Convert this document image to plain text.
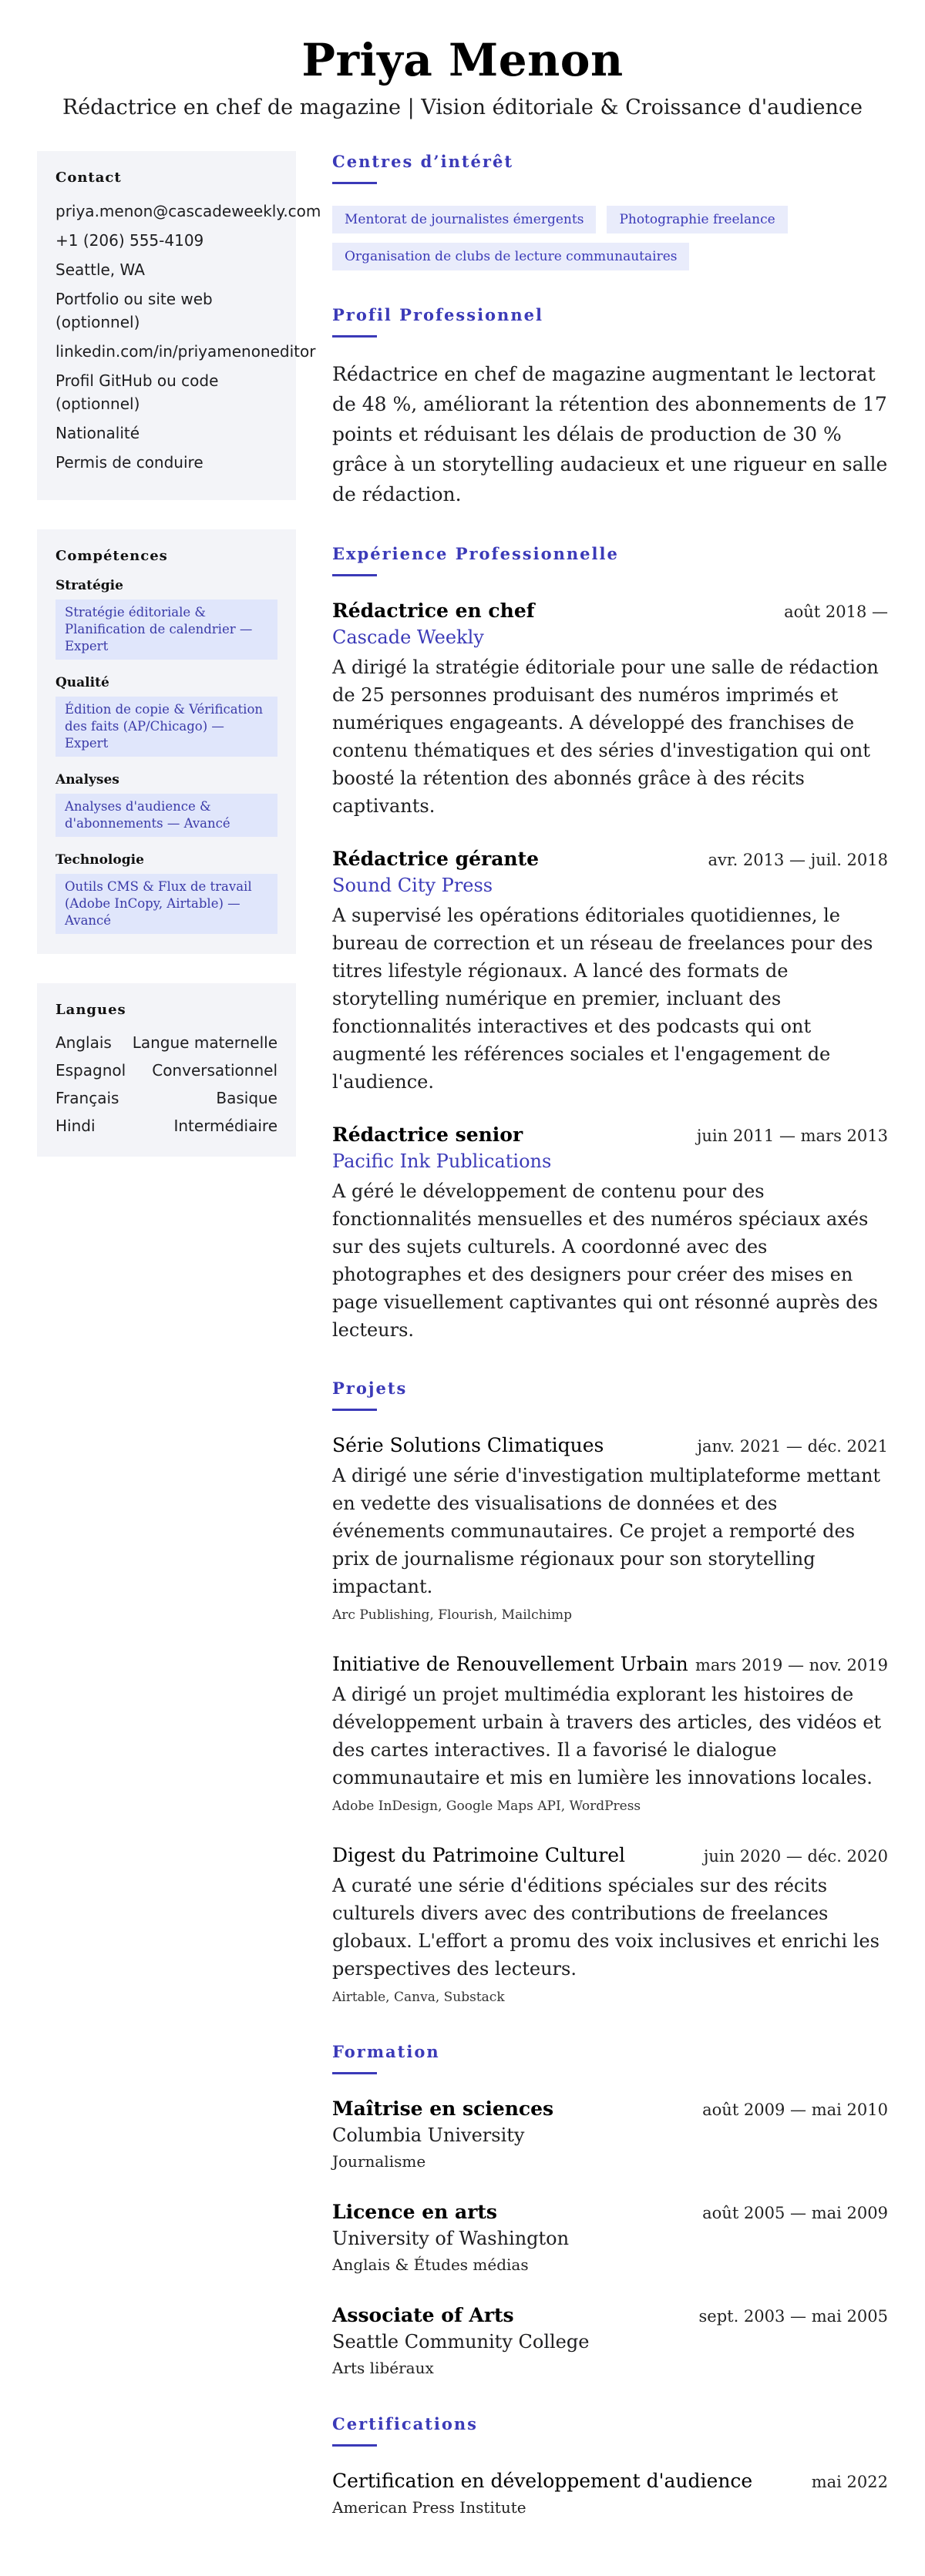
Priya Menon
Rédactrice en chef de magazine | Vision éditoriale & Croissance d'audience
Contact
priya.menon@cascadeweekly.com
+1 (206) 555-4109
Seattle, WA
Portfolio ou site web (optionnel)
linkedin.com/in/priyamenoneditor
Profil GitHub ou code (optionnel)
Nationalité
Permis de conduire
Compétences
Stratégie
Stratégie éditoriale & Planification de calendrier — Expert
Qualité
Édition de copie & Vérification des faits (AP/Chicago) — Expert
Analyses
Analyses d'audience & d'abonnements — Avancé
Technologie
Outils CMS & Flux de travail (Adobe InCopy, Airtable) — Avancé
Langues
Anglais Langue maternelle
Espagnol Conversationnel
Français	Basique
Hindi	Intermédiaire
Centres d’intérêt
Mentorat de journalistes émergents	Photographie freelance
Organisation de clubs de lecture communautaires
Profil Professionnel
Rédactrice en chef de magazine augmentant le lectorat de 48 %, améliorant la rétention des abonnements de 17 points et réduisant les délais de production de 30 % grâce à un storytelling audacieux et une rigueur en salle de rédaction.
Expérience Professionnelle
Rédactrice en chef	août 2018 —
Cascade Weekly
A dirigé la stratégie éditoriale pour une salle de rédaction de 25 personnes produisant des numéros imprimés et numériques engageants. A développé des franchises de contenu thématiques et des séries d'investigation qui ont boosté la rétention des abonnés grâce à des récits captivants.
Rédactrice gérante	avr. 2013 — juil. 2018
Sound City Press
A supervisé les opérations éditoriales quotidiennes, le bureau de correction et un réseau de freelances pour des titres lifestyle régionaux. A lancé des formats de storytelling numérique en premier, incluant des fonctionnalités interactives et des podcasts qui ont augmenté les références sociales et l'engagement de l'audience.
Rédactrice senior	juin 2011 — mars 2013
Pacific Ink Publications
A géré le développement de contenu pour des fonctionnalités mensuelles et des numéros spéciaux axés sur des sujets culturels. A coordonné avec des photographes et des designers pour créer des mises en page visuellement captivantes qui ont résonné auprès des lecteurs.
Projets
Série Solutions Climatiques	janv. 2021 — déc. 2021
A dirigé une série d'investigation multiplateforme mettant en vedette des visualisations de données et des événements communautaires. Ce projet a remporté des prix de journalisme régionaux pour son storytelling impactant.
Arc Publishing, Flourish, Mailchimp
Initiative de Renouvellement Urbain mars 2019 — nov. 2019
A dirigé un projet multimédia explorant les histoires de développement urbain à travers des articles, des vidéos et des cartes interactives. Il a favorisé le dialogue communautaire et mis en lumière les innovations locales.
Adobe InDesign, Google Maps API, WordPress
Digest du Patrimoine Culturel	juin 2020 — déc. 2020
A curaté une série d'éditions spéciales sur des récits culturels divers avec des contributions de freelances globaux. L'effort a promu des voix inclusives et enrichi les perspectives des lecteurs.
Airtable, Canva, Substack
Formation
Maîtrise en sciences	août 2009 — mai 2010
Columbia University
Journalisme
Licence en arts	août 2005 — mai 2009
University of Washington
Anglais & Études médias
Associate of Arts	sept. 2003 — mai 2005
Seattle Community College
Arts libéraux
Certifications
Certification en développement d'audience	mai 2022
American Press Institute
